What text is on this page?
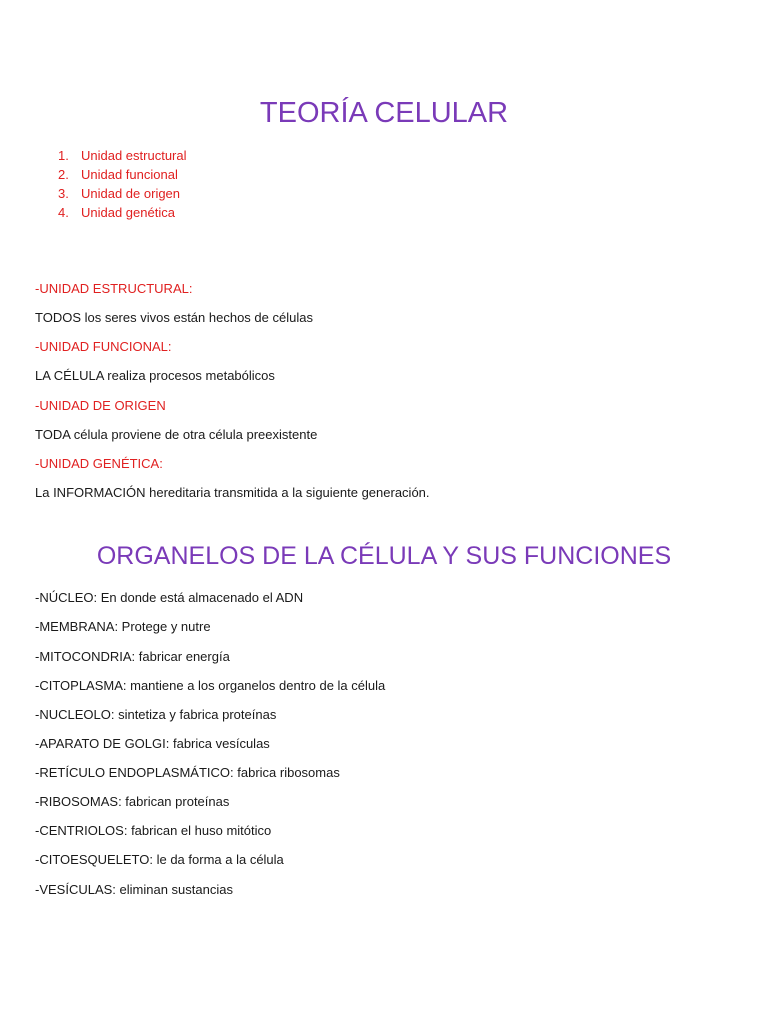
TEORÍA CELULAR
1. Unidad estructural
2. Unidad funcional
3. Unidad de origen
4. Unidad genética

-UNIDAD ESTRUCTURAL:

TODOS los seres vivos están hechos de células

-UNIDAD FUNCIONAL:

LA CÉLULA realiza procesos metabólicos

-UNIDAD DE ORIGEN

TODA célula proviene de otra célula preexistente

-UNIDAD GENÉTICA:

La INFORMACIÓN hereditaria transmitida a la siguiente generación.

ORGANELOS DE LA CÉLULA Y SUS FUNCIONES

-NÚCLEO: En donde está almacenado el ADN

-MEMBRANA: Protege y nutre

-MITOCONDRIA: fabricar energía

-CITOPLASMA: mantiene a los organelos dentro de la célula

-NUCLEOLO: sintetiza y fabrica proteínas

-APARATO DE GOLGI: fabrica vesículas

-RETÍCULO ENDOPLASMÁTICO: fabrica ribosomas

-RIBOSOMAS: fabrican proteínas

-CENTRIOLOS: fabrican el huso mitótico

-CITOESQUELETO: le da forma a la célula

-VESÍCULAS: eliminan sustancias
